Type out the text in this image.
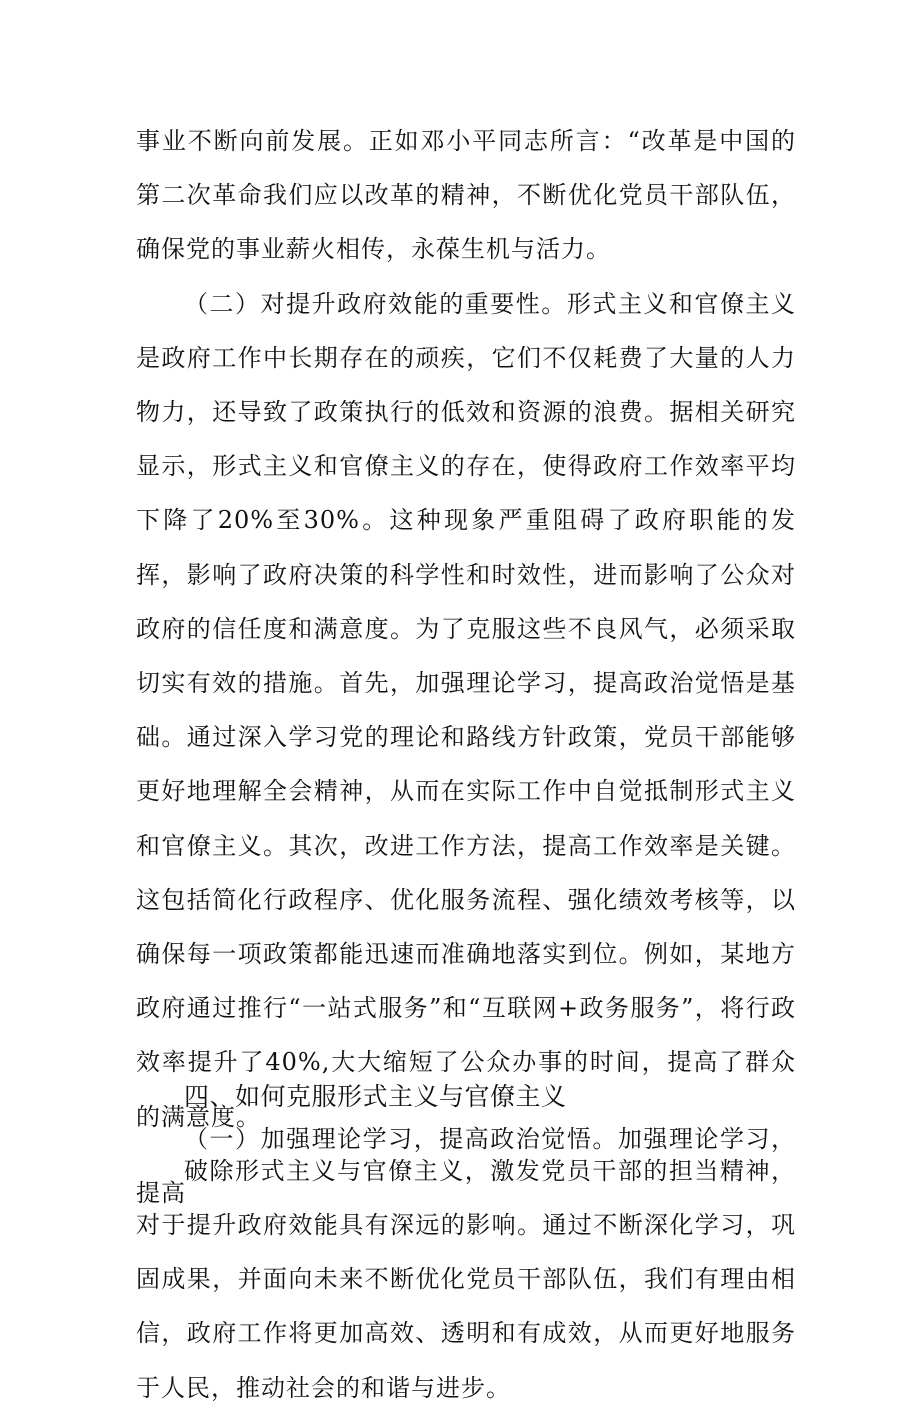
事业不断向前发展。正如邓小平同志所言：“改革是中国的第二次革命我们应以改革的精神，不断优化党员干部队伍，确保党的事业薪火相传，永葆生机与活力。

（二）对提升政府效能的重要性。形式主义和官僚主义是政府工作中长期存在的顽疾，它们不仅耗费了大量的人力物力，还导致了政策执行的低效和资源的浪费。据相关研究显示，形式主义和官僚主义的存在，使得政府工作效率平均下降了20%至30%。这种现象严重阻碍了政府职能的发挥，影响了政府决策的科学性和时效性，进而影响了公众对政府的信任度和满意度。为了克服这些不良风气，必须采取切实有效的措施。首先，加强理论学习，提高政治觉悟是基础。通过深入学习党的理论和路线方针政策，党员干部能够更好地理解全会精神，从而在实际工作中自觉抵制形式主义和官僚主义。其次，改进工作方法，提高工作效率是关键。这包括简化行政程序、优化服务流程、强化绩效考核等，以确保每一项政策都能迅速而准确地落实到位。例如，某地方政府通过推行“一站式服务”和“互联网+政务服务”，将行政效率提升了40%,大大缩短了公众办事的时间，提高了群众的满意度。

破除形式主义与官僚主义，激发党员干部的担当精神，对于提升政府效能具有深远的影响。通过不断深化学习，巩固成果，并面向未来不断优化党员干部队伍，我们有理由相信，政府工作将更加高效、透明和有成效，从而更好地服务于人民，推动社会的和谐与进步。

四、如何克服形式主义与官僚主义

（一）加强理论学习，提高政治觉悟。加强理论学习，提高
